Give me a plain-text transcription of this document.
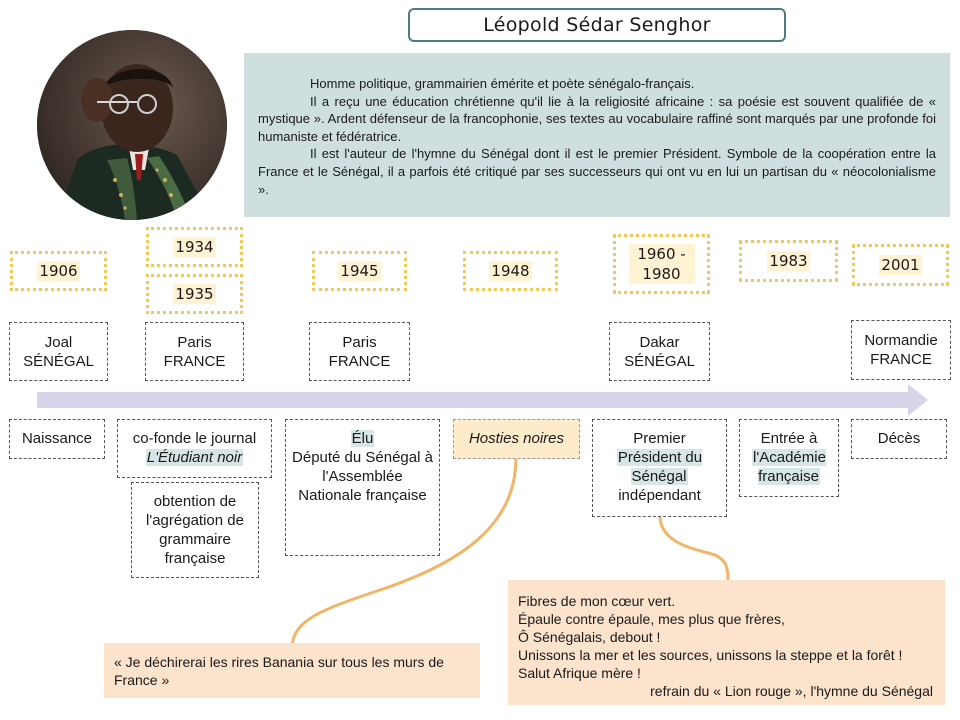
Léopold Sédar Senghor

Homme politique, grammairien émérite et poète sénégalo-français.

Il a reçu une éducation chrétienne qu'il lie à la religiosité africaine : sa poésie est souvent qualifiée de « mystique ». Ardent défenseur de la francophonie, ses textes au vocabulaire raffiné sont marqués par une profonde foi humaniste et fédératrice.

Il est l'auteur de l'hymne du Sénégal dont il est le premier Président. Symbole de la coopération entre la France et le Sénégal, il a parfois été critiqué par ses successeurs qui ont vu en lui un partisan du « néocolonialisme ».

1906
1934
1935
1945	1948
1960 - 1980
1983	2001
Joal
SÉNÉGAL
Paris
FRANCE
Paris
FRANCE
Dakar
SÉNÉGAL
Normandie
FRANCE
Naissance	co-fonde le journal
L'Étudiant noir
obtention de l'agrégation de grammaire française
Élu
Député du Sénégal à l'Assemblée Nationale française
Hosties noires	Premier
Président du Sénégal
indépendant
Entrée à
l'Académie française
Décès
« Je déchirerai les rires Banania sur tous les murs de France »
Fibres de mon cœur vert.
Épaule contre épaule, mes plus que frères,
Ô Sénégalais, debout !
Unissons la mer et les sources, unissons la steppe et la forêt !
Salut Afrique mère !
refrain du « Lion rouge », l'hymne du Sénégal
